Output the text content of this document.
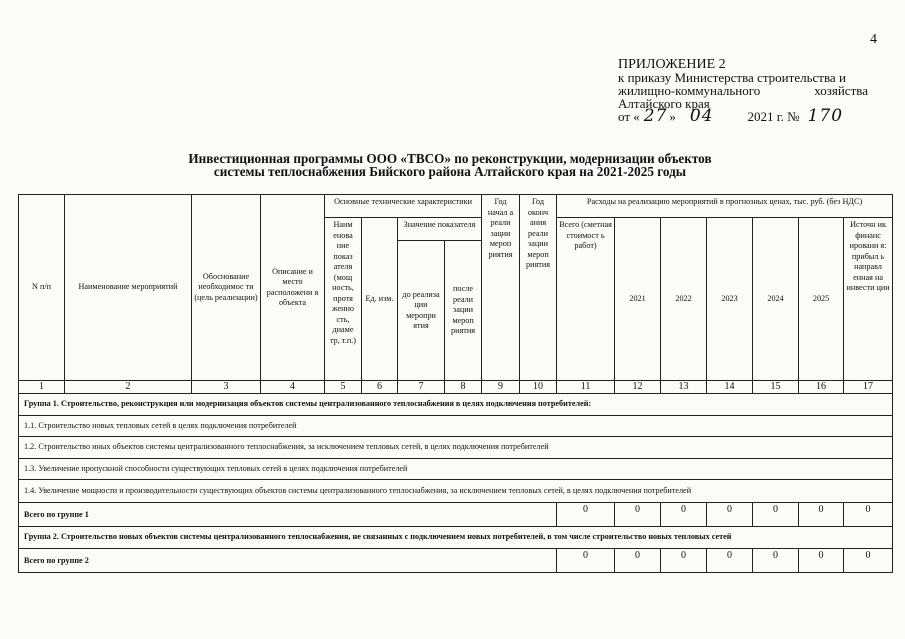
4
ПРИЛОЖЕНИЕ 2
к приказу Министерства строительства и
жилищно-коммунального	хозяйства
Алтайского края
от « 27 » 04	2021 г. № 170
Инвестиционная программы ООО «ТВСО» по реконструкции, модернизации объектов
системы теплоснабжения Бийского района Алтайского края на 2021-2025 годы
N п/п	Наименование мероприятий	Обоснование необходимос ти (цель реализации)	Описание и место расположени я объекта	Основные технические характеристики				Год начал а реали зации мероп риятия	Год оконч ания реали зации мероп риятия	Расходы на реализацию мероприятий в прогнозных ценах, тыс. руб. (без НДС)						
				Наим енова ние показ ателя (мощ ность, протя женно сть, диаме тр, т.п.)	Ед. изм.	Значение показателя				Всего (сметная стоимост ь работ)	2021	2022	2023	2024	2025	Источн ик финанс ировани я: прибыл ь направл енная на инвести ции
						до реализа ции меропри ятия	после реали зации мероп риятия									

1	2	3	4	5	6	7	8	9	10	11	12	13	14	15	16	17
Группа 1. Строительство, реконструкция или модернизация объектов системы централизованного теплоснабжения в целях подключения потребителей:																
1.1. Строительство новых тепловых сетей в целях подключения потребителей																
1.2. Строительство иных объектов системы централизованного теплоснабжения, за исключением тепловых сетей, в целях подключения потребителей																
1.3. Увеличение пропускной способности существующих тепловых сетей в целях подключения потребителей																
1.4. Увеличение мощности и производительности существующих объектов системы централизованного теплоснабжения, за исключением тепловых сетей, в целях подключения потребителей																
Всего по группе 1										0	0	0	0	0	0	0
Группа 2. Строительство новых объектов системы централизованного теплоснабжения, не связанных с подключением новых потребителей, в том числе строительство новых тепловых сетей																
Всего по группе 2										0	0	0	0	0	0	0
